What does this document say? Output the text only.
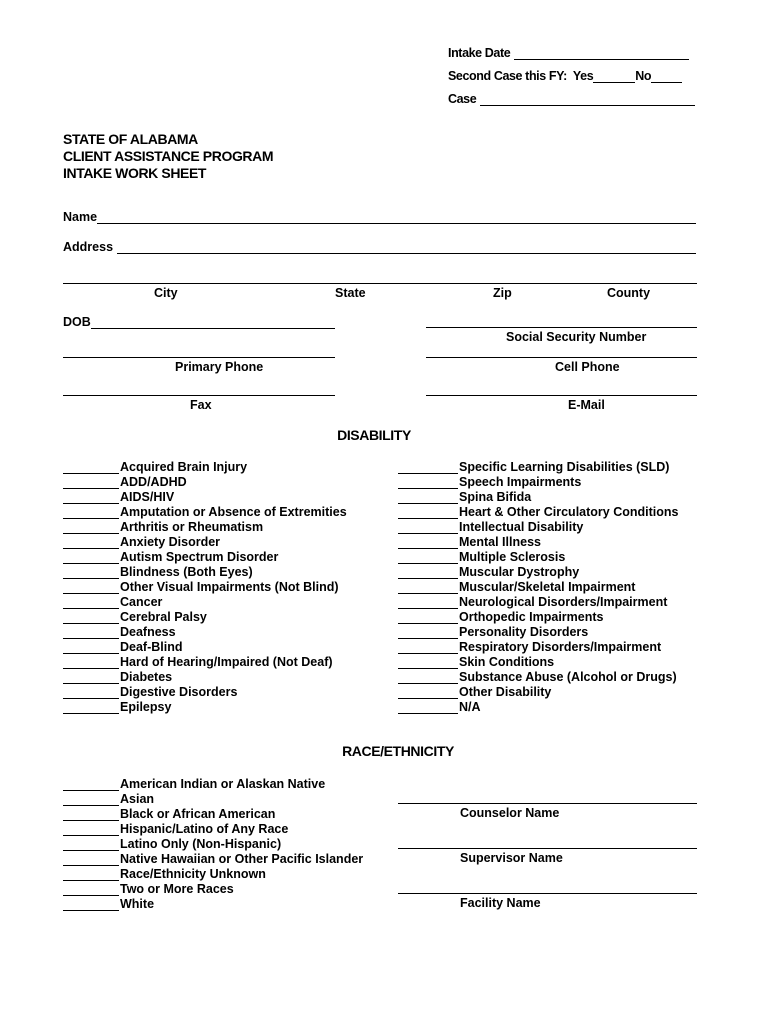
Intake Date
Second Case this FY: Yes	No
Case
STATE OF ALABAMA
CLIENT ASSISTANCE PROGRAM
INTAKE WORK SHEET
Name
Address
City	State	Zip	County
DOB
Social Security Number
Primary Phone	Cell Phone
Fax	E-Mail
DISABILITY
Acquired Brain Injury
ADD/ADHD
AIDS/HIV
Amputation or Absence of Extremities
Arthritis or Rheumatism
Anxiety Disorder
Autism Spectrum Disorder
Blindness (Both Eyes)
Other Visual Impairments (Not Blind)
Cancer
Cerebral Palsy
Deafness
Deaf-Blind
Hard of Hearing/Impaired (Not Deaf)
Diabetes
Digestive Disorders
Epilepsy
Specific Learning Disabilities (SLD)
Speech Impairments
Spina Bifida
Heart & Other Circulatory Conditions
Intellectual Disability
Mental Illness
Multiple Sclerosis
Muscular Dystrophy
Muscular/Skeletal Impairment
Neurological Disorders/Impairment
Orthopedic Impairments
Personality Disorders
Respiratory Disorders/Impairment
Skin Conditions
Substance Abuse (Alcohol or Drugs)
Other Disability
N/A
RACE/ETHNICITY
American Indian or Alaskan Native
Asian
Black or African American
Hispanic/Latino of Any Race
Latino Only (Non-Hispanic)
Native Hawaiian or Other Pacific Islander
Race/Ethnicity Unknown
Two or More Races
White
Counselor Name
Supervisor Name
Facility Name
